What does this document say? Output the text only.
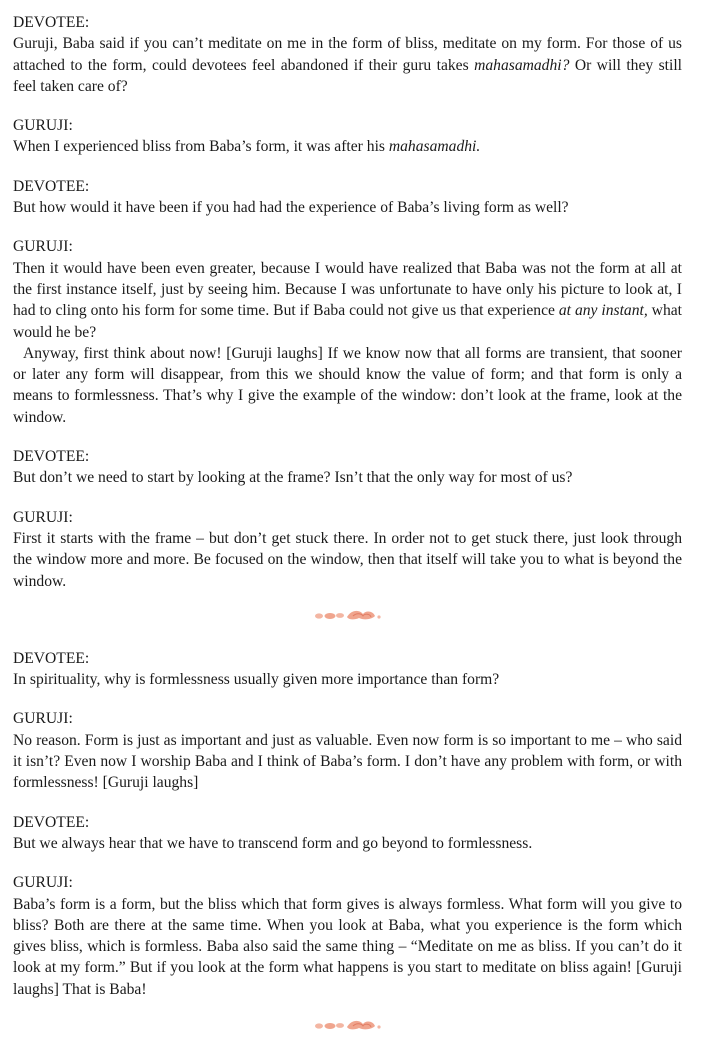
DEVOTEE:
Guruji, Baba said if you can’t meditate on me in the form of bliss, meditate on my form. For those of us attached to the form, could devotees feel abandoned if their guru takes mahasamadhi? Or will they still feel taken care of?
GURUJI:
When I experienced bliss from Baba’s form, it was after his mahasamadhi.
DEVOTEE:
But how would it have been if you had had the experience of Baba’s living form as well?
GURUJI:
Then it would have been even greater, because I would have realized that Baba was not the form at all at the first instance itself, just by seeing him. Because I was unfortunate to have only his picture to look at, I had to cling onto his form for some time. But if Baba could not give us that experience at any instant, what would he be?
Anyway, first think about now! [Guruji laughs] If we know now that all forms are transient, that sooner or later any form will disappear, from this we should know the value of form; and that form is only a means to formlessness. That’s why I give the example of the window: don’t look at the frame, look at the window.
DEVOTEE:
But don’t we need to start by looking at the frame? Isn’t that the only way for most of us?
GURUJI:
First it starts with the frame – but don’t get stuck there. In order not to get stuck there, just look through the window more and more. Be focused on the window, then that itself will take you to what is beyond the window.
DEVOTEE:
In spirituality, why is formlessness usually given more importance than form?
GURUJI:
No reason. Form is just as important and just as valuable. Even now form is so important to me – who said it isn’t? Even now I worship Baba and I think of Baba’s form. I don’t have any problem with form, or with formlessness! [Guruji laughs]
DEVOTEE:
But we always hear that we have to transcend form and go beyond to formlessness.
GURUJI:
Baba’s form is a form, but the bliss which that form gives is always formless. What form will you give to bliss? Both are there at the same time. When you look at Baba, what you experience is the form which gives bliss, which is formless. Baba also said the same thing – “Meditate on me as bliss. If you can’t do it look at my form.” But if you look at the form what happens is you start to meditate on bliss again! [Guruji laughs] That is Baba!
